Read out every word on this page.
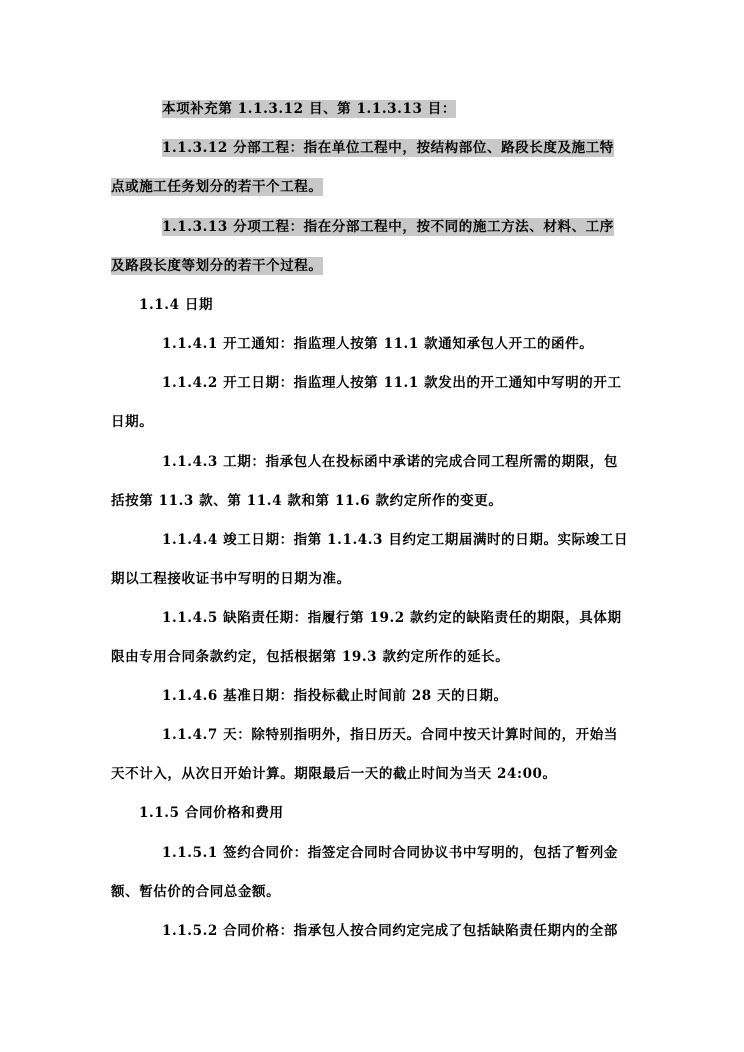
本项补充第 1.1.3.12 目、第 1.1.3.13 目：
1.1.3.12 分部工程：指在单位工程中，按结构部位、路段长度及施工特
点或施工任务划分的若干个工程。
1.1.3.13 分项工程：指在分部工程中，按不同的施工方法、材料、工序
及路段长度等划分的若干个过程。
1.1.4 日期
1.1.4.1 开工通知：指监理人按第 11.1 款通知承包人开工的函件。
1.1.4.2 开工日期：指监理人按第 11.1 款发出的开工通知中写明的开工
日期。
1.1.4.3 工期：指承包人在投标函中承诺的完成合同工程所需的期限，包
括按第 11.3 款、第 11.4 款和第 11.6 款约定所作的变更。
1.1.4.4 竣工日期：指第 1.1.4.3 目约定工期届满时的日期。实际竣工日
期以工程接收证书中写明的日期为准。
1.1.4.5 缺陷责任期：指履行第 19.2 款约定的缺陷责任的期限，具体期
限由专用合同条款约定，包括根据第 19.3 款约定所作的延长。
1.1.4.6 基准日期：指投标截止时间前 28 天的日期。
1.1.4.7 天：除特别指明外，指日历天。合同中按天计算时间的，开始当
天不计入，从次日开始计算。期限最后一天的截止时间为当天 24:00。
1.1.5 合同价格和费用
1.1.5.1 签约合同价：指签定合同时合同协议书中写明的，包括了暂列金
额、暂估价的合同总金额。
1.1.5.2 合同价格：指承包人按合同约定完成了包括缺陷责任期内的全部
